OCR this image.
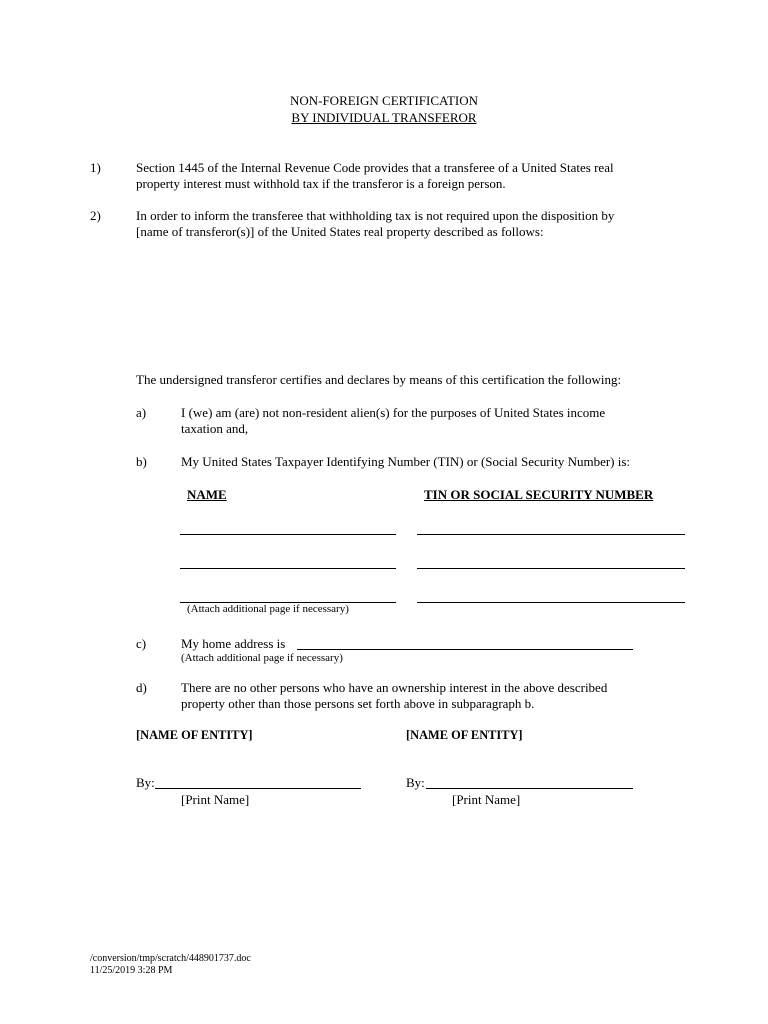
NON-FOREIGN CERTIFICATION
BY INDIVIDUAL TRANSFEROR
1)	Section 1445 of the Internal Revenue Code provides that a transferee of a United States real
property interest must withhold tax if the transferor is a foreign person.
2)	In order to inform the transferee that withholding tax is not required upon the disposition by
[name of transferor(s)] of the United States real property described as follows:
The undersigned transferor certifies and declares by means of this certification the following:
a)	I (we) am (are) not non-resident alien(s) for the purposes of United States income
taxation and,
b)	My United States Taxpayer Identifying Number (TIN) or (Social Security Number) is:
NAME	TIN OR SOCIAL SECURITY NUMBER
(Attach additional page if necessary)
c)	My home address is
(Attach additional page if necessary)
d)	There are no other persons who have an ownership interest in the above described
property other than those persons set forth above in subparagraph b.
[NAME OF ENTITY]	[NAME OF ENTITY]
By:	By:
[Print Name]	[Print Name]
/conversion/tmp/scratch/448901737.doc
11/25/2019 3:28 PM
